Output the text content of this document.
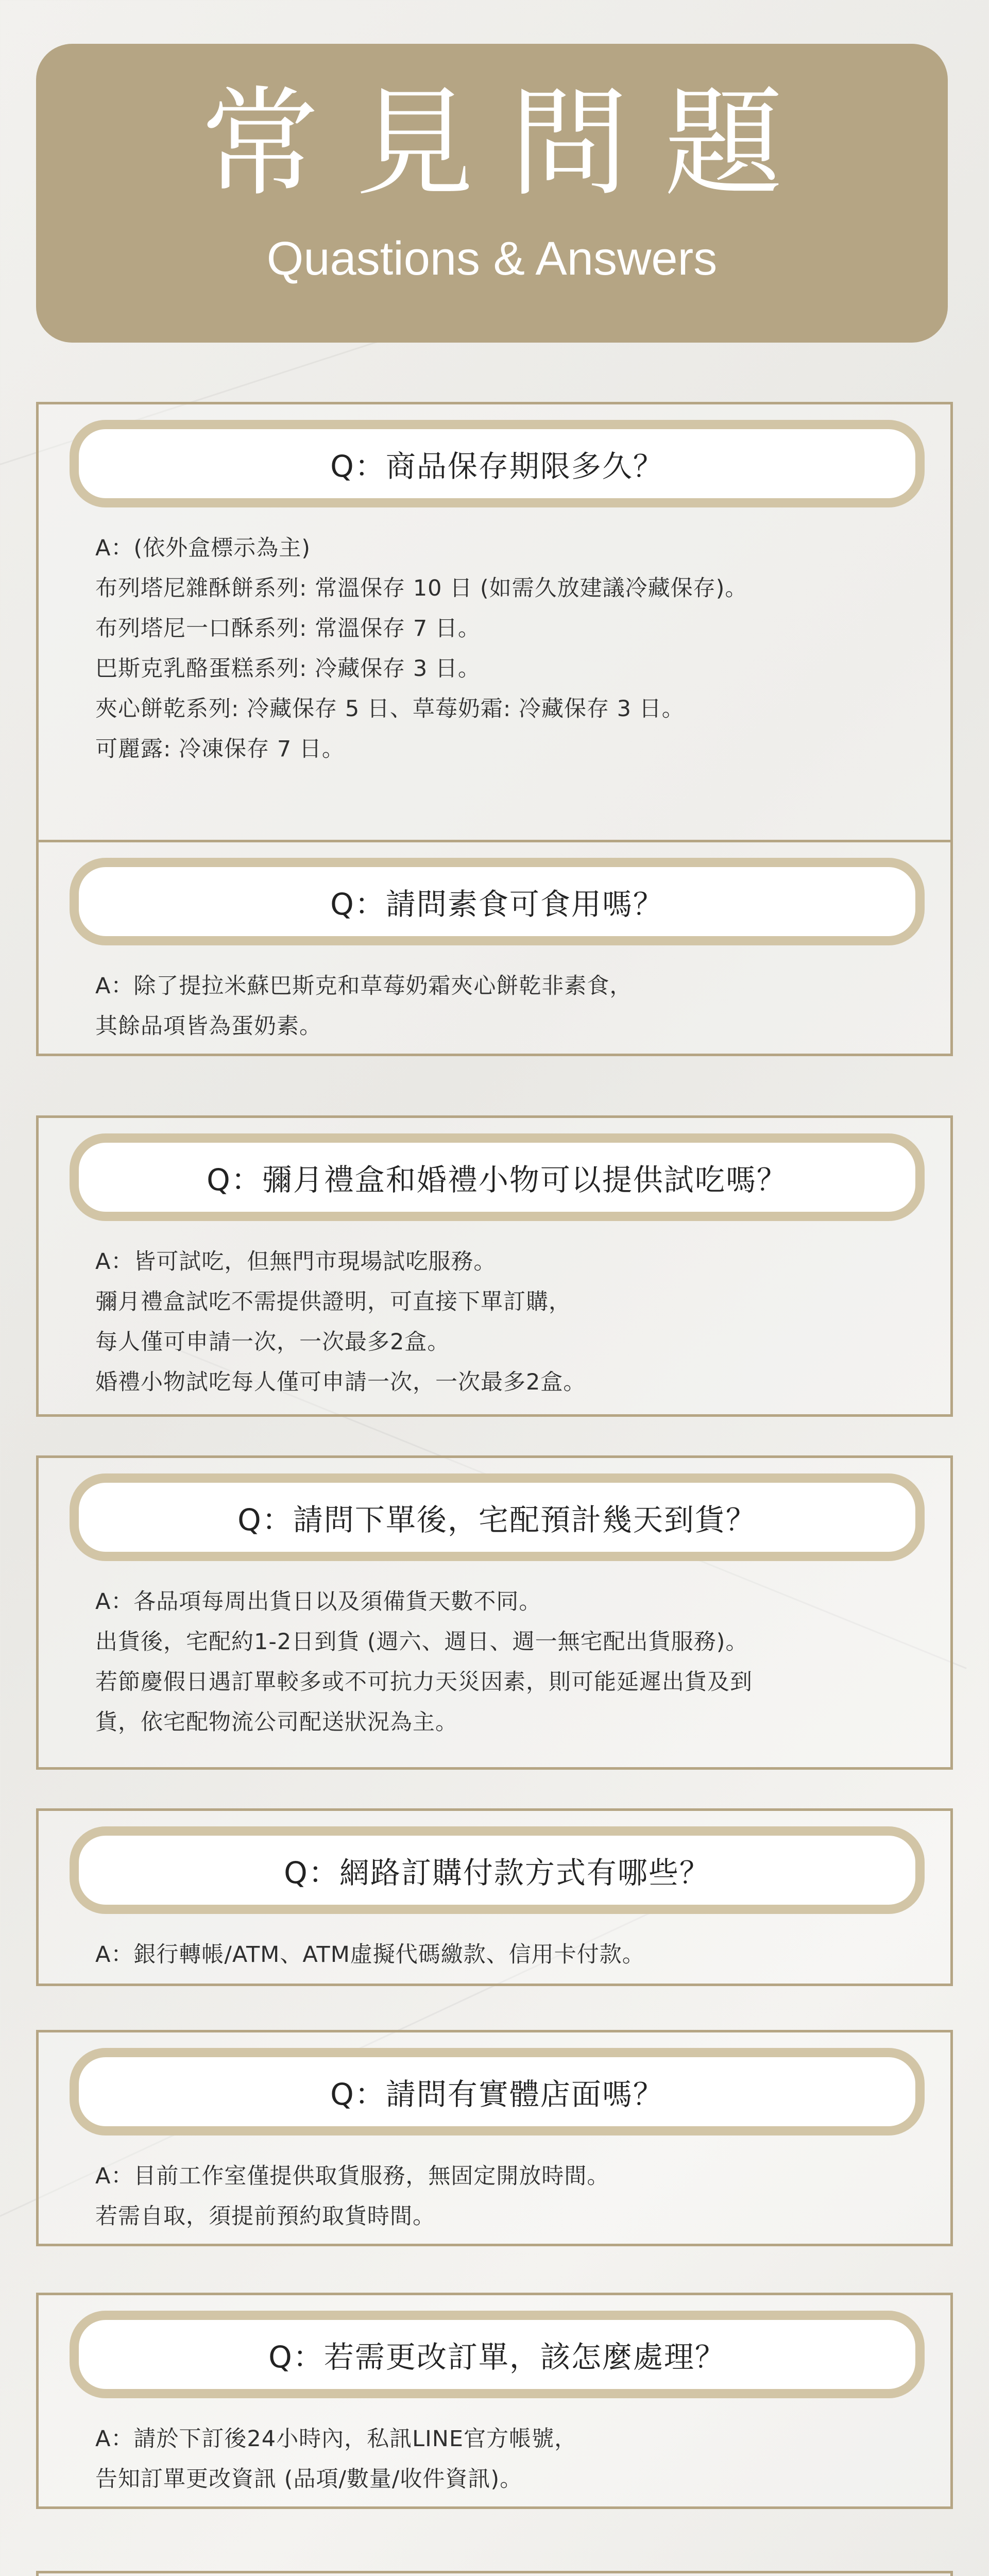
常見問題
Quastions & Answers
Q：商品保存期限多久？
A：(依外盒標示為主)
布列塔尼雜酥餅系列: 常溫保存 10 日 (如需久放建議冷藏保存)。
布列塔尼一口酥系列: 常溫保存 7 日。
巴斯克乳酪蛋糕系列: 冷藏保存 3 日。
夾心餅乾系列: 冷藏保存 5 日、草莓奶霜: 冷藏保存 3 日。
可麗露: 冷凍保存 7 日。
Q：請問素食可食用嗎？
A：除了提拉米蘇巴斯克和草莓奶霜夾心餅乾非素食，
其餘品項皆為蛋奶素。
Q：彌月禮盒和婚禮小物可以提供試吃嗎？
A：皆可試吃，但無門市現場試吃服務。
彌月禮盒試吃不需提供證明，可直接下單訂購，
每人僅可申請一次，一次最多2盒。
婚禮小物試吃每人僅可申請一次，一次最多2盒。
Q：請問下單後，宅配預計幾天到貨？
A：各品項每周出貨日以及須備貨天數不同。
出貨後，宅配約1-2日到貨 (週六、週日、週一無宅配出貨服務)。
若節慶假日遇訂單較多或不可抗力天災因素，則可能延遲出貨及到
貨，依宅配物流公司配送狀況為主。
Q：網路訂購付款方式有哪些？
A：銀行轉帳/ATM、ATM虛擬代碼繳款、信用卡付款。
Q：請問有實體店面嗎？
A：目前工作室僅提供取貨服務，無固定開放時間。
若需自取，須提前預約取貨時間。
Q：若需更改訂單，該怎麼處理？
A：請於下訂後24小時內，私訊LINE官方帳號，
告知訂單更改資訊 (品項/數量/收件資訊)。
